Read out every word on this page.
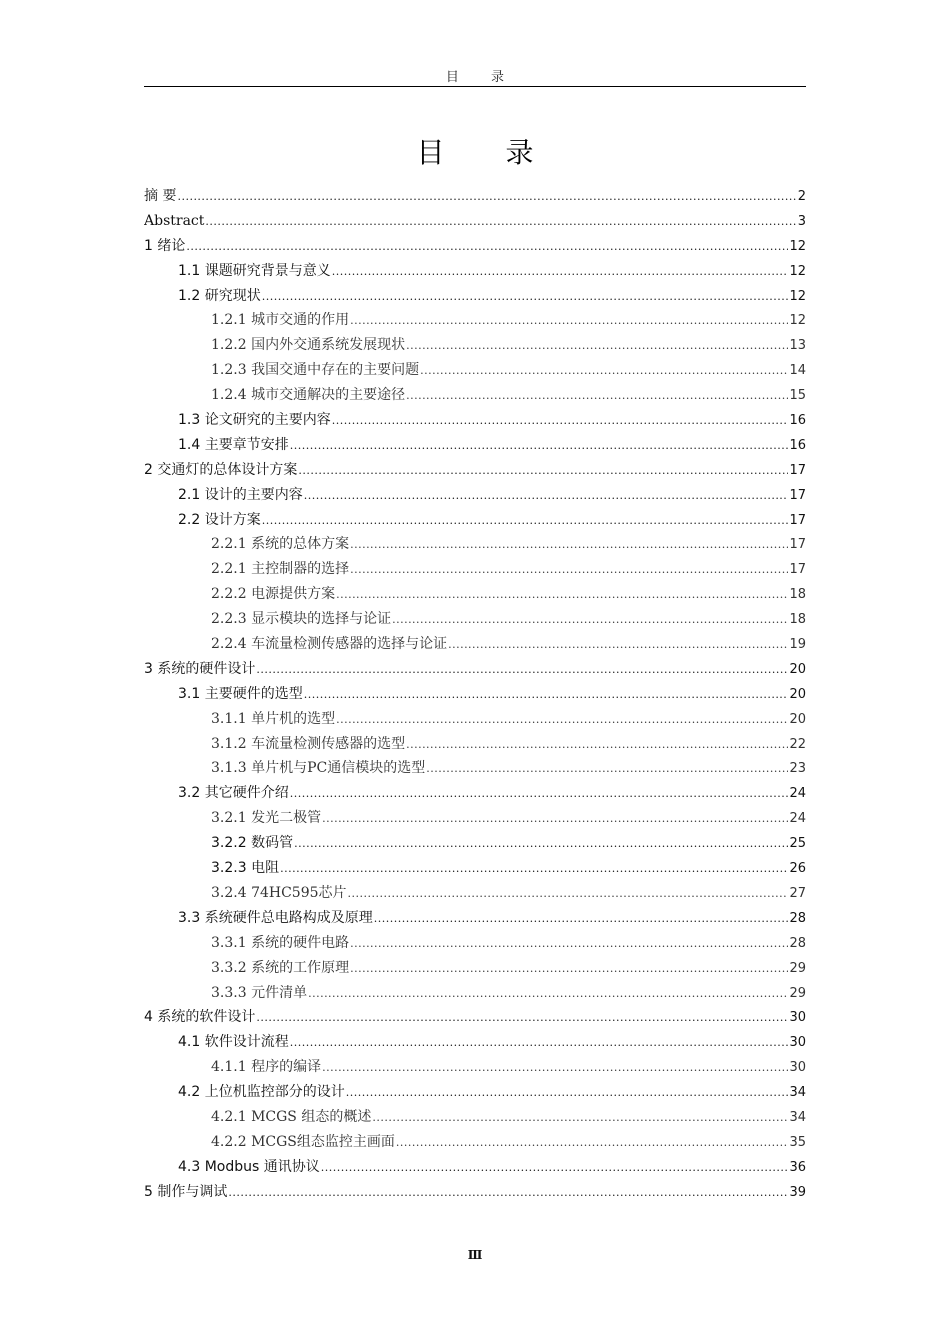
目 录
目 录
摘 要 .....	2
Abstract .....	3
1 绪论 .....	12
1.1 课题研究背景与意义 .....	12
1.2 研究现状 .....	12
1.2.1 城市交通的作用 .....	12
1.2.2 国内外交通系统发展现状 .....	13
1.2.3 我国交通中存在的主要问题 .....	14
1.2.4 城市交通解决的主要途径 .....	15
1.3 论文研究的主要内容 .....	16
1.4 主要章节安排 .....	16
2 交通灯的总体设计方案 .....	17
2.1 设计的主要内容 .....	17
2.2 设计方案 .....	17
2.2.1 系统的总体方案 .....	17
2.2.1 主控制器的选择 .....	17
2.2.2 电源提供方案 .....	18
2.2.3 显示模块的选择与论证 .....	18
2.2.4 车流量检测传感器的选择与论证 .....	19
3 系统的硬件设计 .....	20
3.1 主要硬件的选型 .....	20
3.1.1 单片机的选型 .....	20
3.1.2 车流量检测传感器的选型 .....	22
3.1.3 单片机与PC通信模块的选型 .....	23
3.2 其它硬件介绍 .....	24
3.2.1 发光二极管 .....	24
3.2.2 数码管 .....	25
3.2.3 电阻 .....	26
3.2.4 74HC595芯片 .....	27
3.3 系统硬件总电路构成及原理 .....	28
3.3.1 系统的硬件电路 .....	28
3.3.2 系统的工作原理 .....	29
3.3.3 元件清单 .....	29
4 系统的软件设计 .....	30
4.1 软件设计流程 .....	30
4.1.1 程序的编译 .....	30
4.2 上位机监控部分的设计 .....	34
4.2.1 MCGS 组态的概述 .....	34
4.2.2 MCGS组态监控主画面 .....	35
4.3 Modbus 通讯协议 .....	36
5 制作与调试 .....	39
Ⅲ
